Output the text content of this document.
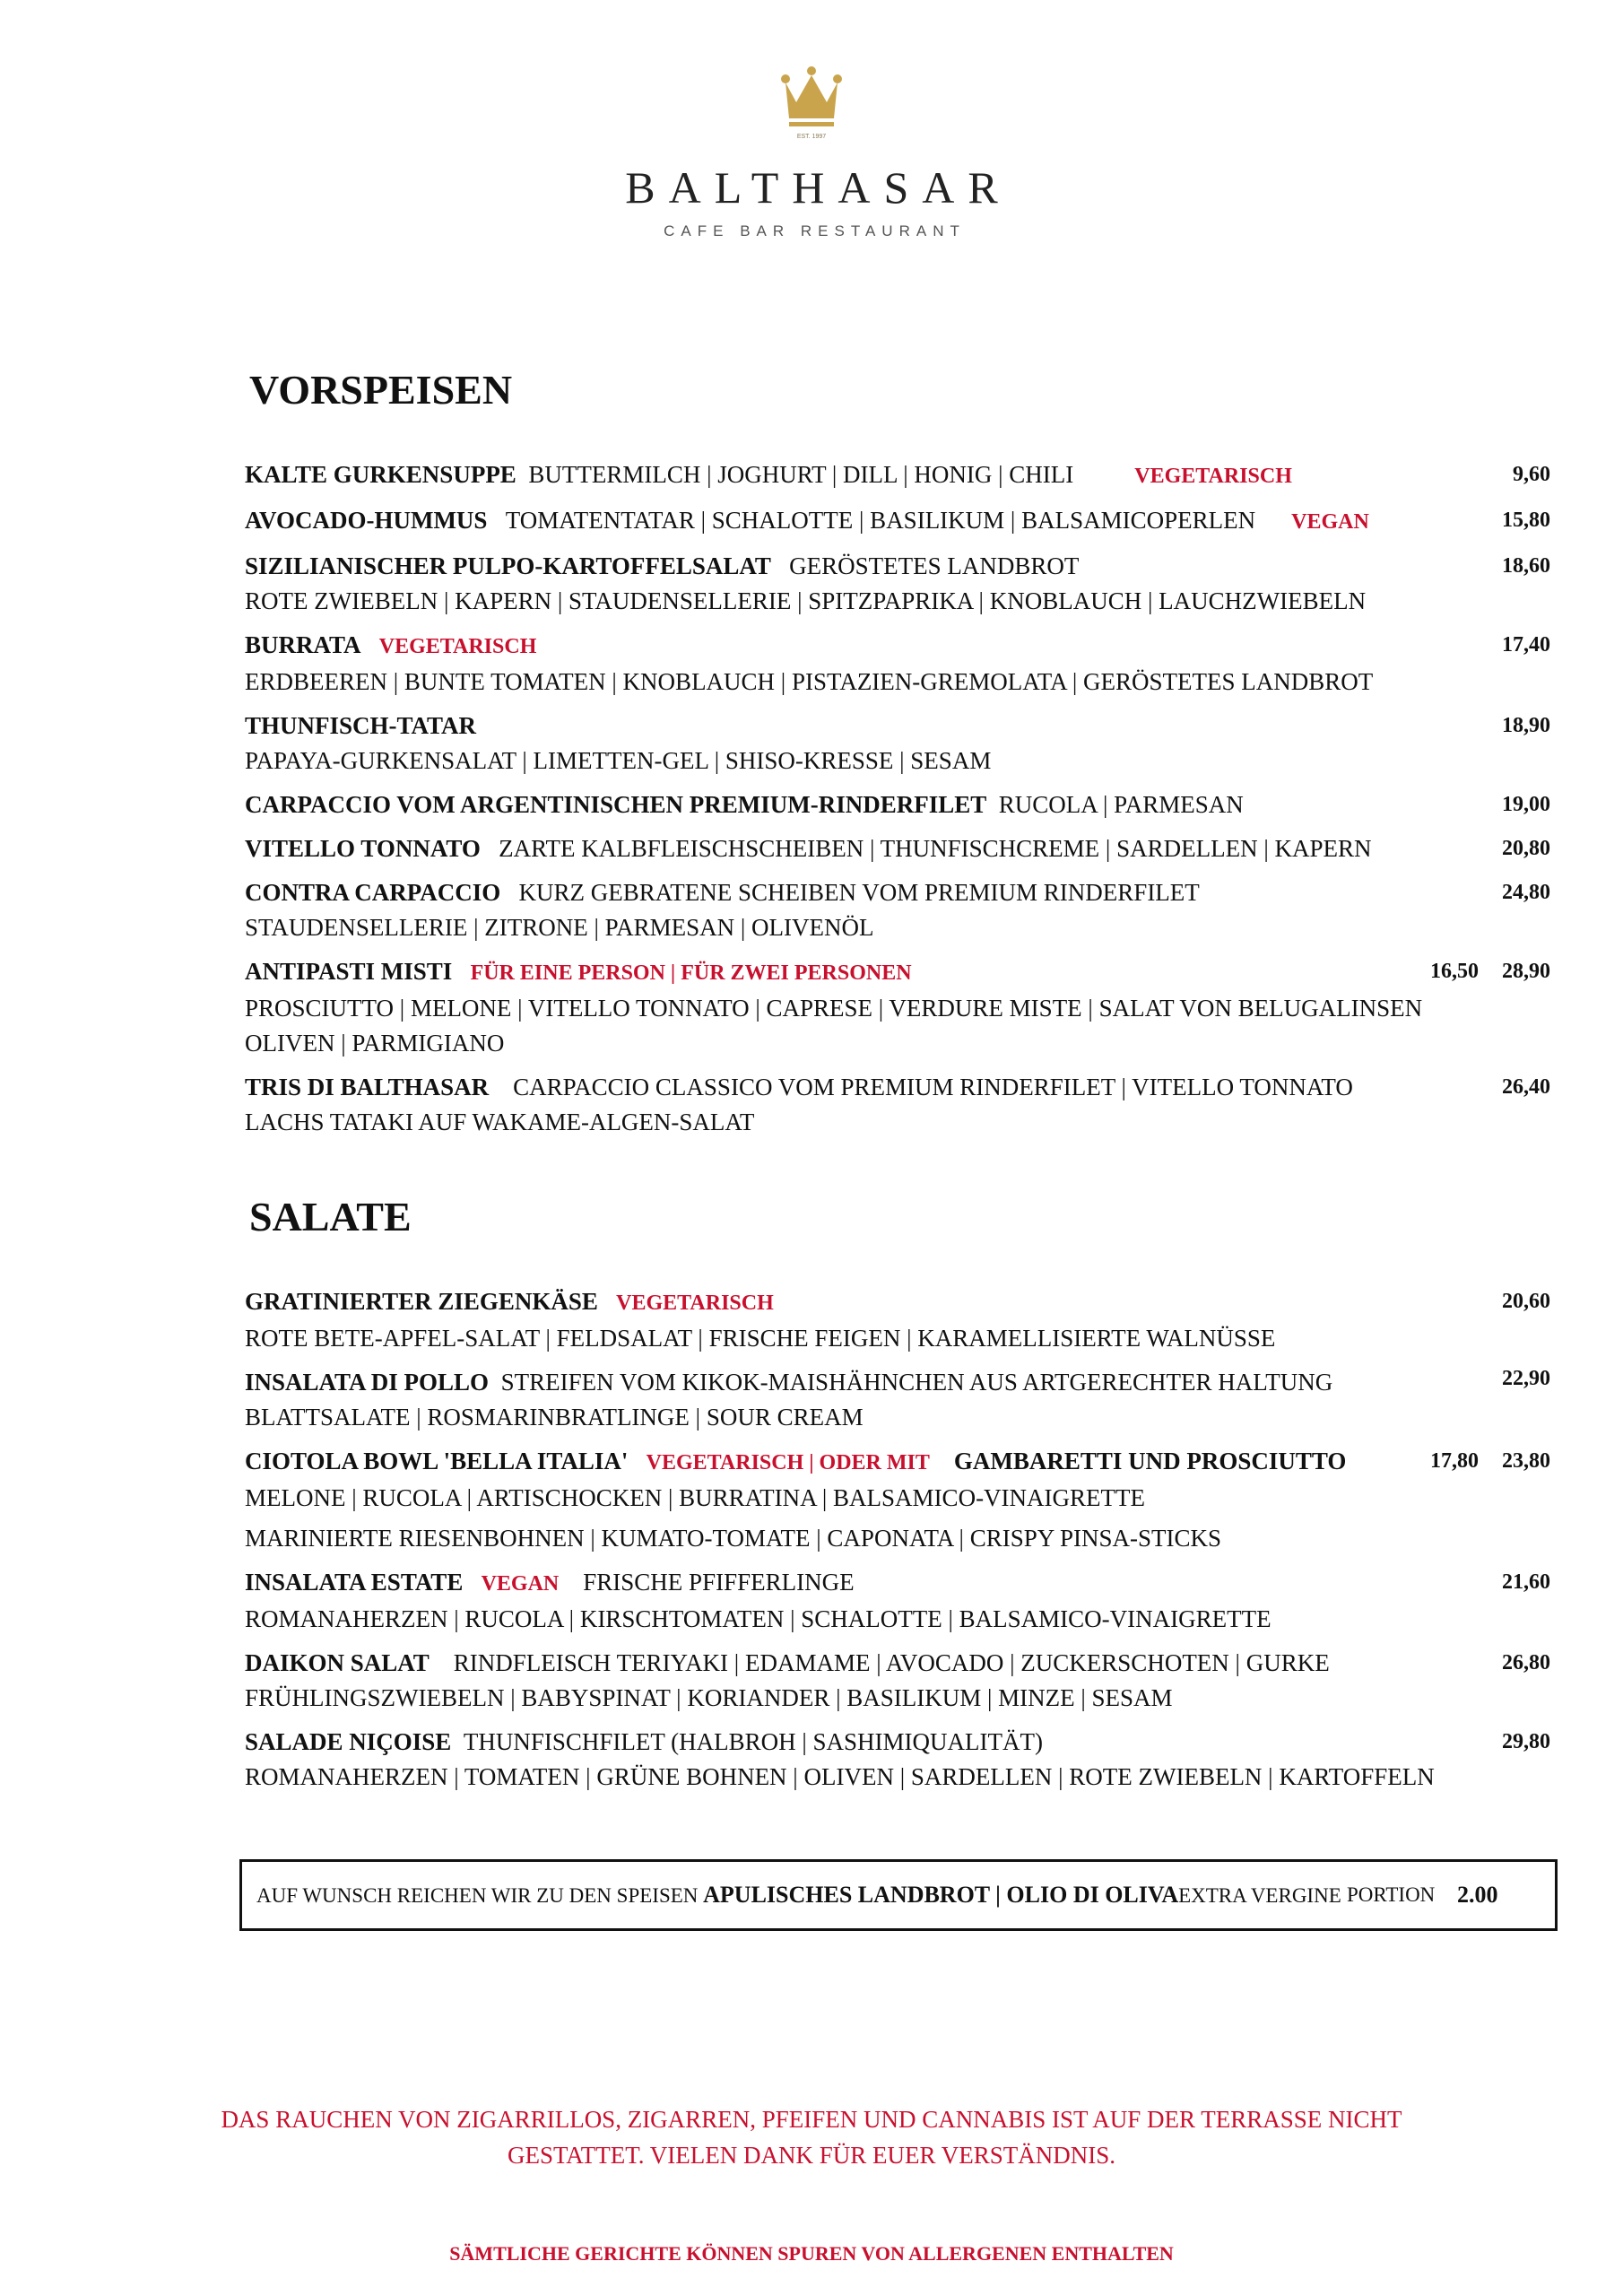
EST. 1997
BALTHASAR
CAFE BAR RESTAURANT
VORSPEISEN
KALTE GURKENSUPPE BUTTERMILCH | JOGHURT | DILL | HONIG | CHILI	VEGETARISCH	9,60
AVOCADO-HUMMUS TOMATENTATAR | SCHALOTTE | BASILIKUM | BALSAMICOPERLEN VEGAN	15,80
SIZILIANISCHER PULPO-KARTOFFELSALAT GERÖSTETES LANDBROT
ROTE ZWIEBELN | KAPERN | STAUDENSELLERIE | SPITZPAPRIKA | KNOBLAUCH | LAUCHZWIEBELN
18,60
BURRATA VEGETARISCH
ERDBEEREN | BUNTE TOMATEN | KNOBLAUCH | PISTAZIEN-GREMOLATA | GERÖSTETES LANDBROT
17,40
THUNFISCH-TATAR
PAPAYA-GURKENSALAT | LIMETTEN-GEL | SHISO-KRESSE | SESAM
18,90
CARPACCIO VOM ARGENTINISCHEN PREMIUM-RINDERFILET RUCOLA | PARMESAN	19,00
VITELLO TONNATO ZARTE KALBFLEISCHSCHEIBEN | THUNFISCHCREME | SARDELLEN | KAPERN	20,80
CONTRA CARPACCIO KURZ GEBRATENE SCHEIBEN VOM PREMIUM RINDERFILET
STAUDENSELLERIE | ZITRONE | PARMESAN | OLIVENÖL
24,80
ANTIPASTI MISTI FÜR EINE PERSON | FÜR ZWEI PERSONEN
PROSCIUTTO | MELONE | VITELLO TONNATO | CAPRESE | VERDURE MISTE | SALAT VON BELUGALINSEN
OLIVEN | PARMIGIANO
16,50 28,90
TRIS DI BALTHASAR CARPACCIO CLASSICO VOM PREMIUM RINDERFILET | VITELLO TONNATO
LACHS TATAKI AUF WAKAME-ALGEN-SALAT
26,40
SALATE
GRATINIERTER ZIEGENKÄSE VEGETARISCH
ROTE BETE-APFEL-SALAT | FELDSALAT | FRISCHE FEIGEN | KARAMELLISIERTE WALNÜSSE
20,60
INSALATA DI POLLO STREIFEN VOM KIKOK-MAISHÄHNCHEN AUS ARTGERECHTER HALTUNG
BLATTSALATE | ROSMARINBRATLINGE | SOUR CREAM
22,90
CIOTOLA BOWL 'BELLA ITALIA' VEGETARISCH | ODER MIT GAMBARETTI UND PROSCIUTTO
MELONE | RUCOLA | ARTISCHOCKEN | BURRATINA | BALSAMICO-VINAIGRETTE
MARINIERTE RIESENBOHNEN | KUMATO-TOMATE | CAPONATA | CRISPY PINSA-STICKS
17,80 23,80
INSALATA ESTATE VEGAN FRISCHE PFIFFERLINGE
ROMANAHERZEN | RUCOLA | KIRSCHTOMATEN | SCHALOTTE | BALSAMICO-VINAIGRETTE
21,60
DAIKON SALAT RINDFLEISCH TERIYAKI | EDAMAME | AVOCADO | ZUCKERSCHOTEN | GURKE
FRÜHLINGSZWIEBELN | BABYSPINAT | KORIANDER | BASILIKUM | MINZE | SESAM
26,80
SALADE NIÇOISE THUNFISCHFILET (HALBROH | SASHIMIQUALITÄT)
ROMANAHERZEN | TOMATEN | GRÜNE BOHNEN | OLIVEN | SARDELLEN | ROTE ZWIEBELN | KARTOFFELN
29,80
AUF WUNSCH REICHEN WIR ZU DEN SPEISEN APULISCHES LANDBROT | OLIO DI OLIVAEXTRA VERGINE PORTION 2.00
DAS RAUCHEN VON ZIGARRILLOS, ZIGARREN, PFEIFEN UND CANNABIS IST AUF DER TERRASSE NICHT
GESTATTET. VIELEN DANK FÜR EUER VERSTÄNDNIS.
SÄMTLICHE GERICHTE KÖNNEN SPUREN VON ALLERGENEN ENTHALTEN
